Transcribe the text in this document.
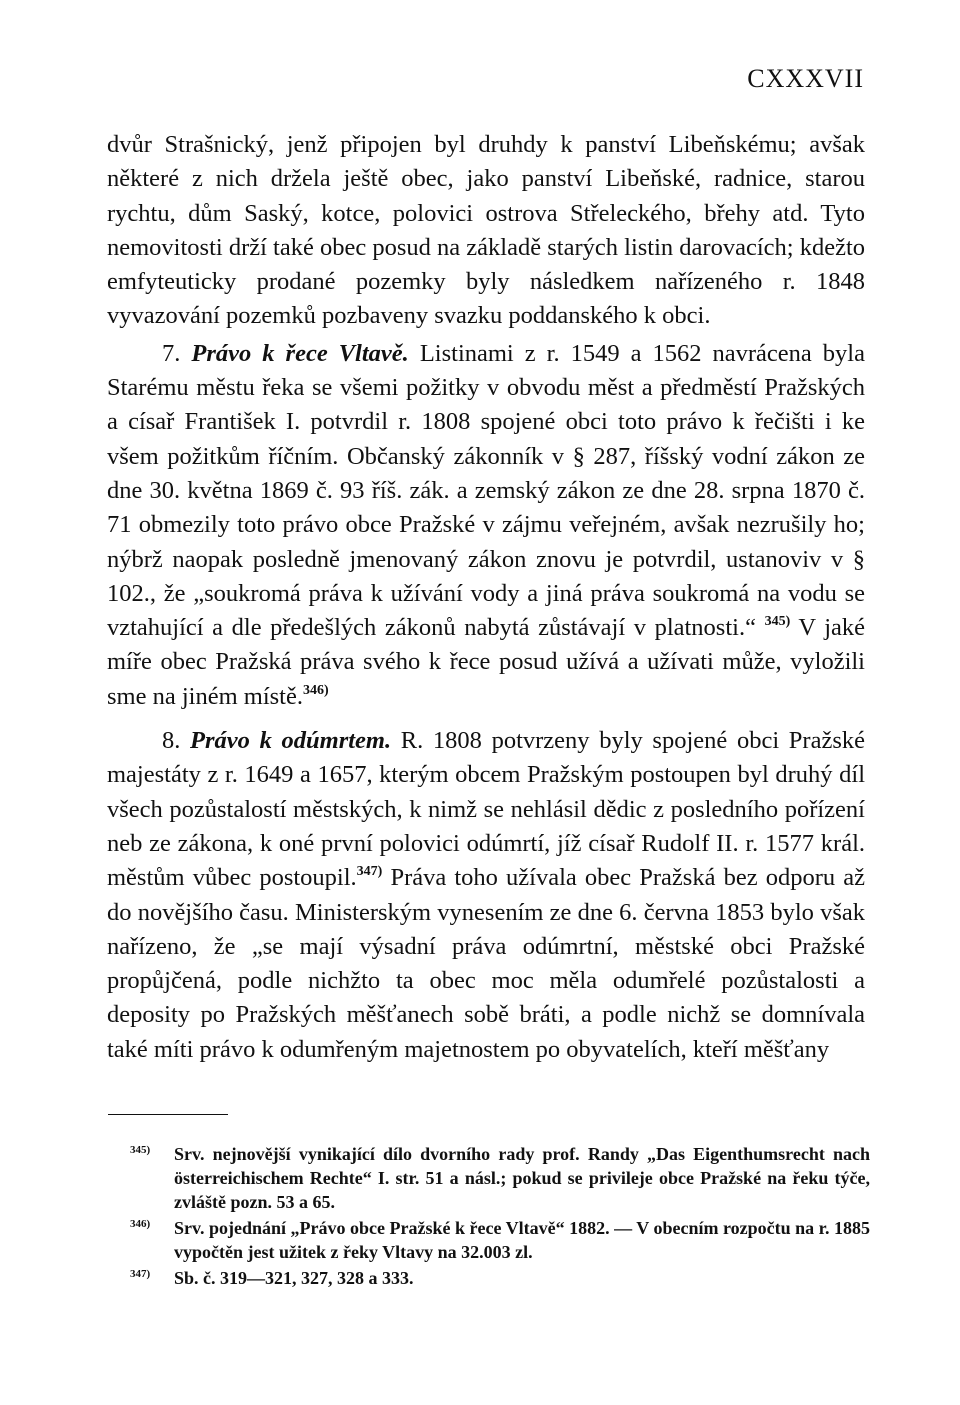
CXXXVII

dvůr Strašnický, jenž připojen byl druhdy k panství Libeňskému; avšak některé z nich držela ještě obec, jako panství Libeňské, radnice, starou rychtu, dům Saský, kotce, polovici ostrova Střeleckého, břehy atd. Tyto nemovitosti drží také obec posud na základě starých listin darovacích; kdežto emfyteuticky prodané pozemky byly následkem nařízeného r. 1848 vyvazování pozemků pozbaveny svazku poddanského k obci.

7. Právo k řece Vltavě. Listinami z r. 1549 a 1562 navrácena byla Starému městu řeka se všemi požitky v obvodu měst a předměstí Pražských a císař František I. potvrdil r. 1808 spojené obci toto právo k řečišti i ke všem požitkům říčním. Občanský zákonník v § 287, říšský vodní zákon ze dne 30. května 1869 č. 93 říš. zák. a zemský zákon ze dne 28. srpna 1870 č. 71 obmezily toto právo obce Pražské v zájmu veřejném, avšak nezrušily ho; nýbrž naopak posledně jmenovaný zákon znovu je potvrdil, ustanoviv v § 102., že „soukromá práva k užívání vody a jiná práva soukromá na vodu se vztahující a dle předešlých zákonů nabytá zůstávají v platnosti.“ $^{345)}$ V jaké míře obec Pražská práva svého k řece posud užívá a užívati může, vyložili sme na jiném místě.$^{346)}$

8. Právo k odúmrtem. R. 1808 potvrzeny byly spojené obci Pražské majestáty z r. 1649 a 1657, kterým obcem Pražským postoupen byl druhý díl všech pozůstalostí městských, k nimž se nehlásil dědic z posledního pořízení neb ze zákona, k oné první polovici odúmrtí, jíž císař Rudolf II. r. 1577 král. městům vůbec postoupil.$^{347)}$ Práva toho užívala obec Pražská bez odporu až do novějšího času. Ministerským vynesením ze dne 6. června 1853 bylo však nařízeno, že „se mají výsadní práva odúmrtní, městské obci Pražské propůjčená, podle nichžto ta obec moc měla odumřelé pozůstalosti a deposity po Pražských měšťanech sobě bráti, a podle nichž se domnívala také míti právo k odumřeným majetnostem po obyvatelích, kteří měšťany

$^{345)}$ Srv. nejnovější vynikající dílo dvorního rady prof. Randy „Das Eigenthumsrecht nach österreichischem Rechte“ I. str. 51 a násl.; pokud se privileje obce Pražské na řeku týče, zvláště pozn. 53 a 65.

$^{346)}$ Srv. pojednání „Právo obce Pražské k řece Vltavě“ 1882. — V obecním rozpočtu na r. 1885 vypočtěn jest užitek z řeky Vltavy na 32.003 zl.

$^{347)}$ Sb. č. 319—321, 327, 328 a 333.
